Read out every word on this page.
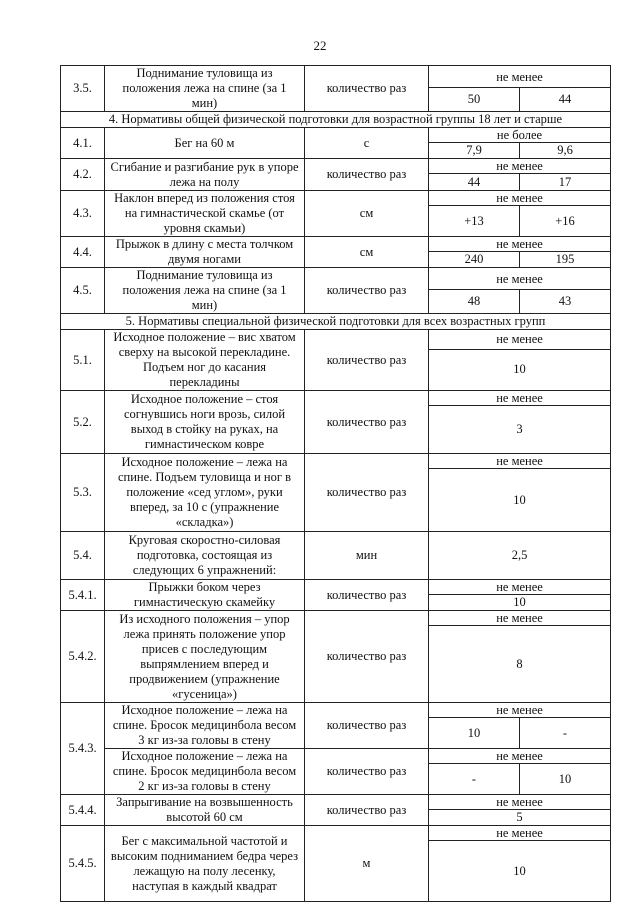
22
3.5.	Поднимание туловища из положения лежа на спине (за 1 мин)	количество раз	не менее	
			50	44
4. Нормативы общей физической подготовки для возрастной группы 18 лет и старше				
4.1.	Бег на 60 м	с	не более	
			7,9	9,6
4.2.	Сгибание и разгибание рук в упоре лежа на полу	количество раз	не менее	
			44	17
4.3.	Наклон вперед из положения стоя на гимнастической скамье (от уровня скамьи)	см	не менее	
			+13	+16
4.4.	Прыжок в длину с места толчком двумя ногами	см	не менее	
			240	195
4.5.	Поднимание туловища из положения лежа на спине (за 1 мин)	количество раз	не менее	
			48	43
5. Нормативы специальной физической подготовки для всех возрастных групп				
5.1.	Исходное положение – вис хватом сверху на высокой перекладине. Подъем ног до касания перекладины	количество раз	не менее	
			10	
5.2.	Исходное положение – стоя согнувшись ноги врозь, силой выход в стойку на руках, на гимнастическом ковре	количество раз	не менее	
			3	
5.3.	Исходное положение – лежа на спине. Подъем туловища и ног в положение «сед углом», руки вперед, за 10 с (упражнение «складка»)	количество раз	не менее	
			10	
5.4.	Круговая скоростно-силовая подготовка, состоящая из следующих 6 упражнений:	мин	2,5	
5.4.1.	Прыжки боком через гимнастическую скамейку	количество раз	не менее	
			10	
5.4.2.	Из исходного положения – упор лежа принять положение упор присев с последующим выпрямлением вперед и продвижением (упражнение «гусеница»)	количество раз	не менее	
			8	
5.4.3.	Исходное положение – лежа на спине. Бросок медицинбола весом 3 кг из-за головы в стену	количество раз	не менее	
			10	-
	Исходное положение – лежа на спине. Бросок медицинбола весом 2 кг из-за головы в стену	количество раз	не менее	
			-	10
5.4.4.	Запрыгивание на возвышенность высотой 60 см	количество раз	не менее	
			5	
5.4.5.	Бег с максимальной частотой и высоким подниманием бедра через лежащую на полу лесенку, наступая в каждый квадрат	м	не менее	
			10	
